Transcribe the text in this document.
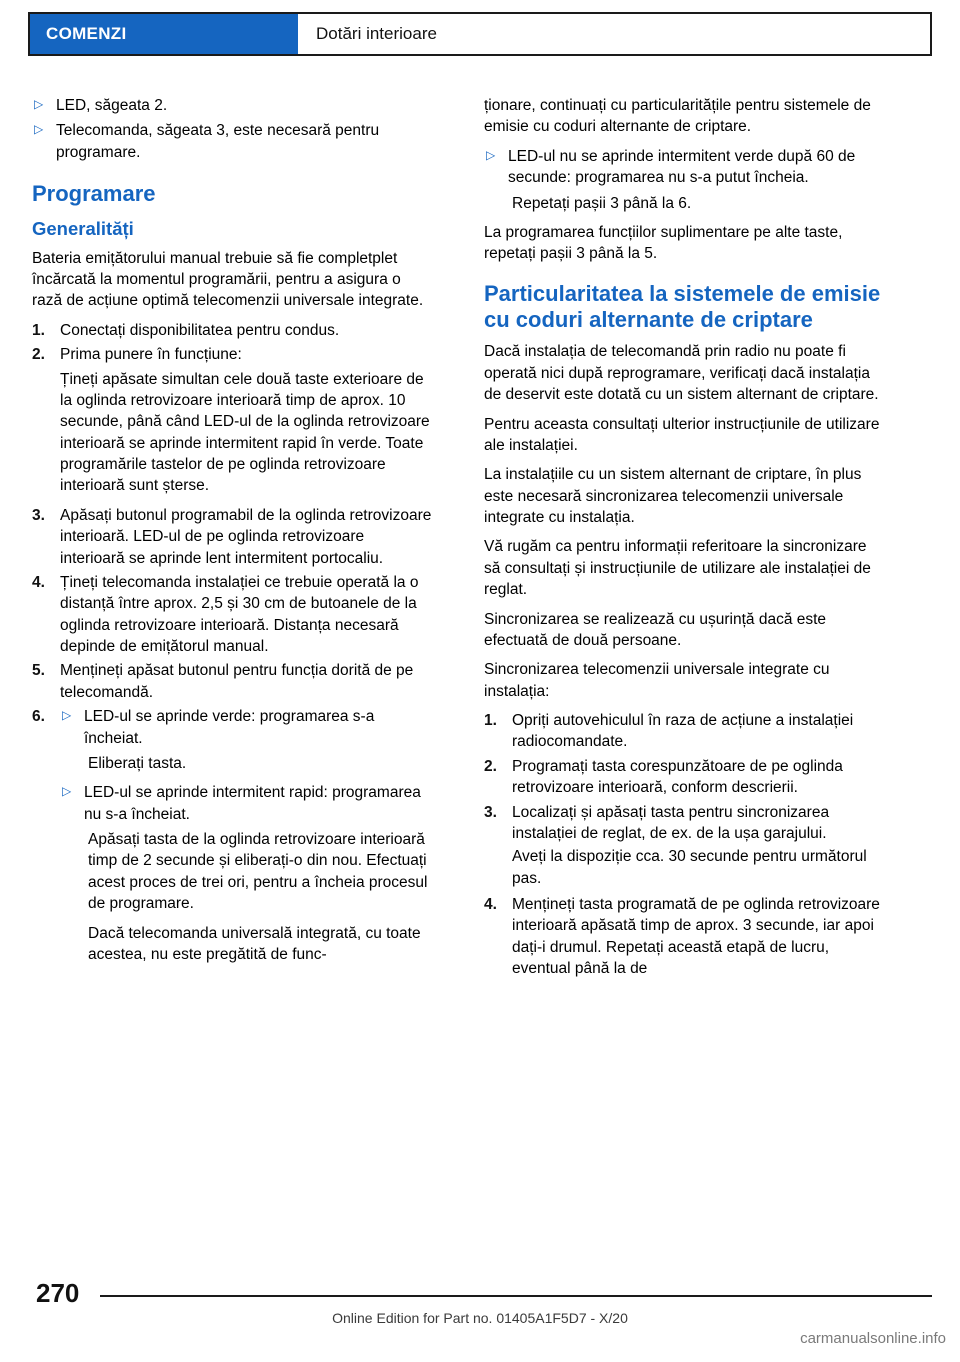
COMENZI	Dotări interioare
▷ LED, săgeata 2.
▷ Telecomanda, săgeata 3, este necesară pentru programare.
Programare
Generalități

Bateria emițătorului manual trebuie să fie completplet încărcată la momentul programării, pentru a asigura o rază de acțiune optimă telecomenzii universale integrate.

1. Conectați disponibilitatea pentru condus.
2. Prima punere în funcțiune:

Țineți apăsate simultan cele două taste exterioare de la oglinda retrovizoare interioară timp de aprox. 10 secunde, până când LED-ul de la oglinda retrovizoare interioară se aprinde intermitent rapid în verde. Toate programările tastelor de pe oglinda retrovizoare interioară sunt șterse.

3. Apăsați butonul programabil de la oglinda retrovizoare interioară. LED-ul de pe oglinda retrovizoare interioară se aprinde lent intermitent portocaliu.
4. Țineți telecomanda instalației ce trebuie operată la o distanță între aprox. 2,5 și 30 cm de butoanele de la oglinda retrovizoare interioară. Distanța necesară depinde de emițătorul manual.
5. Mențineți apăsat butonul pentru funcția dorită de pe telecomandă.
6.	▷ LED-ul se aprinde verde: programarea s-a încheiat.

Eliberați tasta.

▷ LED-ul se aprinde intermitent rapid: programarea nu s-a încheiat.

Apăsați tasta de la oglinda retrovizoare interioară timp de 2 secunde și eliberați-o din nou. Efectuați acest proces de trei ori, pentru a încheia procesul de programare.

Dacă telecomanda universală integrată, cu toate acestea, nu este pregătită de func-

ționare, continuați cu particularitățile pentru sistemele de emisie cu coduri alternante de criptare.

▷ LED-ul nu se aprinde intermitent verde după 60 de secunde: programarea nu s-a putut încheia.

Repetați pașii 3 până la 6.

La programarea funcțiilor suplimentare pe alte taste, repetați pașii 3 până la 5.

Particularitatea la sistemele de emisie cu coduri alternante de criptare

Dacă instalația de telecomandă prin radio nu poate fi operată nici după reprogramare, verificați dacă instalația de deservit este dotată cu un sistem alternant de criptare.

Pentru aceasta consultați ulterior instrucțiunile de utilizare ale instalației.

La instalațiile cu un sistem alternant de criptare, în plus este necesară sincronizarea telecomenzii universale integrate cu instalația.

Vă rugăm ca pentru informații referitoare la sincronizare să consultați și instrucțiunile de utilizare ale instalației de reglat.

Sincronizarea se realizează cu ușurință dacă este efectuată de două persoane.

Sincronizarea telecomenzii universale integrate cu instalația:

1. Opriți autovehiculul în raza de acțiune a instalației radiocomandate.
2. Programați tasta corespunzătoare de pe oglinda retrovizoare interioară, conform descrierii.
3. Localizați și apăsați tasta pentru sincronizarea instalației de reglat, de ex. de la ușa garajului.

Aveți la dispoziție cca. 30 secunde pentru următorul pas.

4. Mențineți tasta programată de pe oglinda retrovizoare interioară apăsată timp de aprox. 3 secunde, iar apoi dați-i drumul. Repetați această etapă de lucru, eventual până la de
270
Online Edition for Part no. 01405A1F5D7 - X/20
carmanualsonline.info
